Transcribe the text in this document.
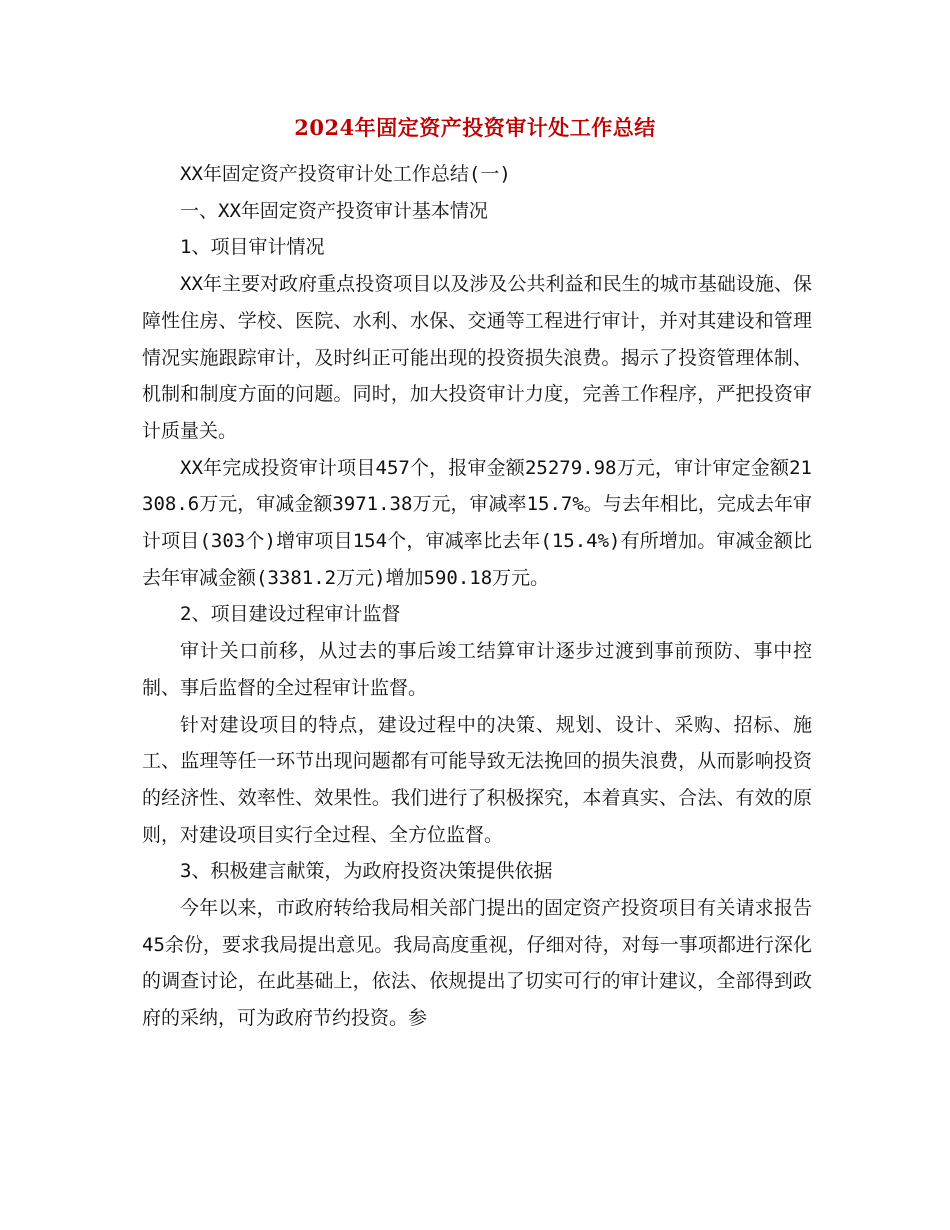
2024年固定资产投资审计处工作总结

XX年固定资产投资审计处工作总结(一)

一、XX年固定资产投资审计基本情况

1、项目审计情况

XX年主要对政府重点投资项目以及涉及公共利益和民生的城市基础设施、保障性住房、学校、医院、水利、水保、交通等工程进行审计，并对其建设和管理情况实施跟踪审计，及时纠正可能出现的投资损失浪费。揭示了投资管理体制、机制和制度方面的问题。同时，加大投资审计力度，完善工作程序，严把投资审计质量关。

XX年完成投资审计项目457个，报审金额25279.98万元，审计审定金额21308.6万元，审减金额3971.38万元，审减率15.7%。与去年相比，完成去年审计项目(303个)增审项目154个，审减率比去年(15.4%)有所增加。审减金额比去年审减金额(3381.2万元)增加590.18万元。

2、项目建设过程审计监督

审计关口前移，从过去的事后竣工结算审计逐步过渡到事前预防、事中控制、事后监督的全过程审计监督。

针对建设项目的特点，建设过程中的决策、规划、设计、采购、招标、施工、监理等任一环节出现问题都有可能导致无法挽回的损失浪费，从而影响投资的经济性、效率性、效果性。我们进行了积极探究，本着真实、合法、有效的原则，对建设项目实行全过程、全方位监督。

3、积极建言献策，为政府投资决策提供依据

今年以来，市政府转给我局相关部门提出的固定资产投资项目有关请求报告45余份，要求我局提出意见。我局高度重视，仔细对待，对每一事项都进行深化的调查讨论，在此基础上，依法、依规提出了切实可行的审计建议，全部得到政府的采纳，可为政府节约投资。参
